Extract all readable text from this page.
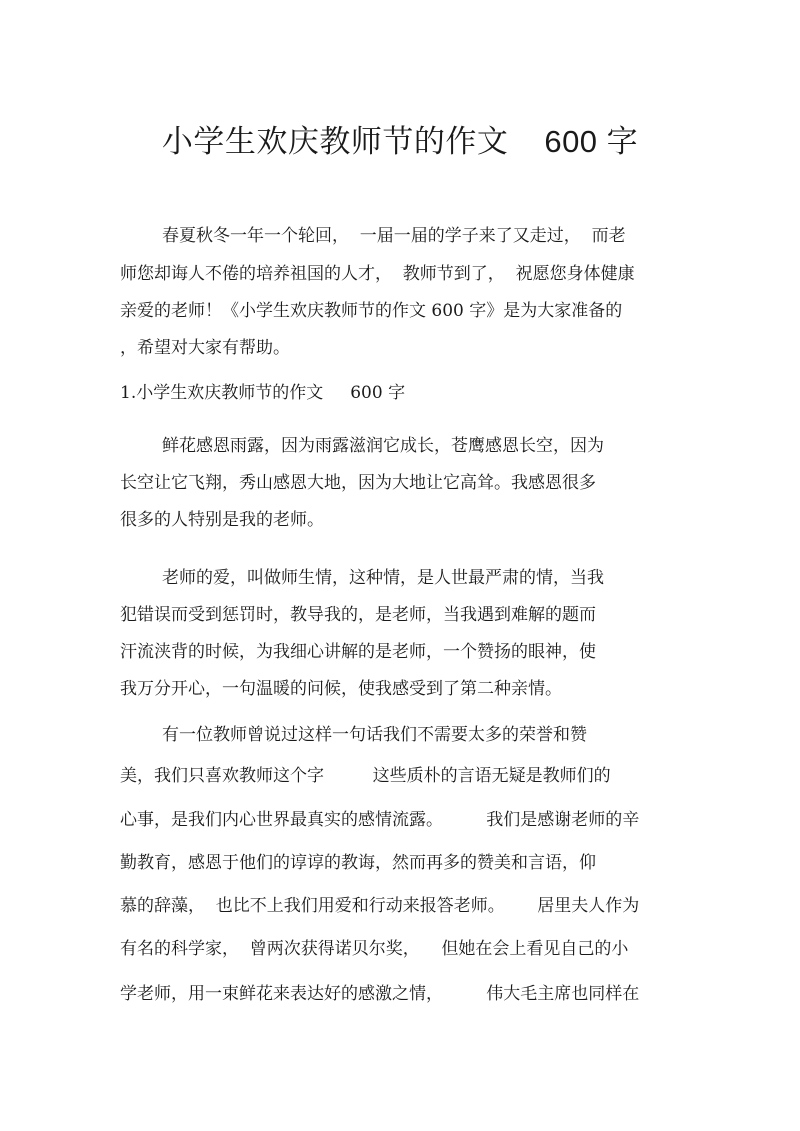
小学生欢庆教师节的作文 600 字
春夏秋冬一年一个轮回，  一届一届的学子来了又走过，  而老
师您却诲人不倦的培养祖国的人才，  教师节到了，  祝愿您身体健康
亲爱的老师！《小学生欢庆教师节的作文 600 字》是为大家准备的
，希望对大家有帮助。
1.小学生欢庆教师节的作文     600 字
鲜花感恩雨露，因为雨露滋润它成长，苍鹰感恩长空，因为
长空让它飞翔，秀山感恩大地，因为大地让它高耸。我感恩很多
很多的人特别是我的老师。
老师的爱，叫做师生情，这种情，是人世最严肃的情，当我
犯错误而受到惩罚时，教导我的，是老师，当我遇到难解的题而
汗流浃背的时候，为我细心讲解的是老师，一个赞扬的眼神，使
我万分开心，一句温暖的问候，使我感受到了第二种亲情。
有一位教师曾说过这样一句话我们不需要太多的荣誉和赞
美，我们只喜欢教师这个字         这些质朴的言语无疑是教师们的
心事，是我们内心世界最真实的感情流露。        我们是感谢老师的辛
勤教育，感恩于他们的谆谆的教诲，然而再多的赞美和言语，仰
慕的辞藻，  也比不上我们用爱和行动来报答老师。      居里夫人作为
有名的科学家，  曾两次获得诺贝尔奖，    但她在会上看见自己的小
学老师，用一束鲜花来表达好的感激之情，        伟大毛主席也同样在
